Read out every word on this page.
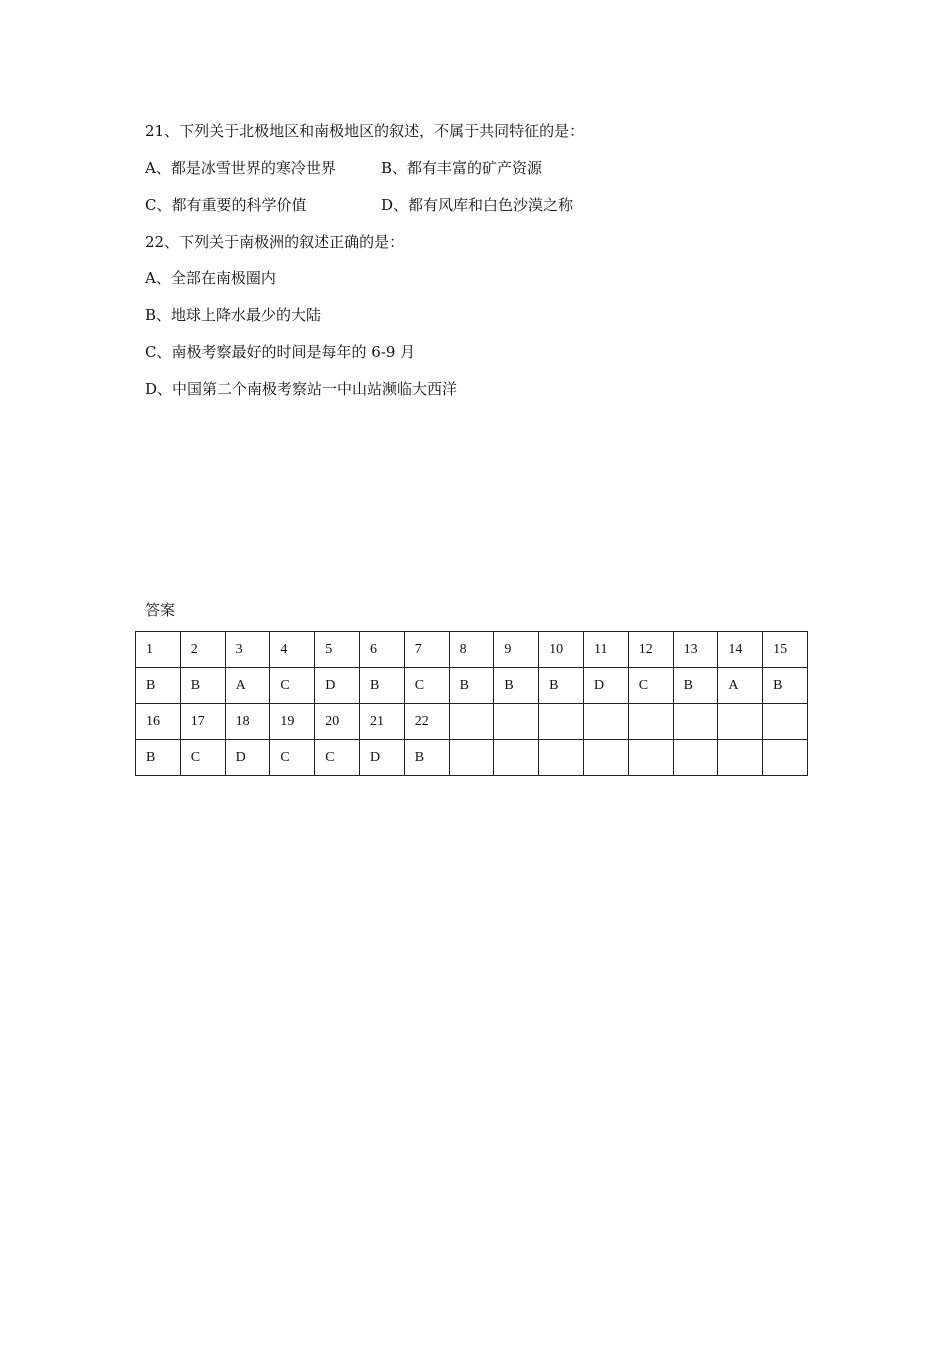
21、下列关于北极地区和南极地区的叙述，不属于共同特征的是：
A、都是冰雪世界的寒冷世界	B、都有丰富的矿产资源
C、都有重要的科学价值	D、都有风库和白色沙漠之称
22、下列关于南极洲的叙述正确的是：
A、全部在南极圈内
B、地球上降水最少的大陆
C、南极考察最好的时间是每年的 6-9 月
D、中国第二个南极考察站一中山站濒临大西洋
答案
1	2	3	4	5	6	7	8	9	10	11	12	13	14	15
B	B	A	C	D	B	C	B	B	B	D	C	B	A	B
16	17	18	19	20	21	22								
B	C	D	C	C	D	B								
